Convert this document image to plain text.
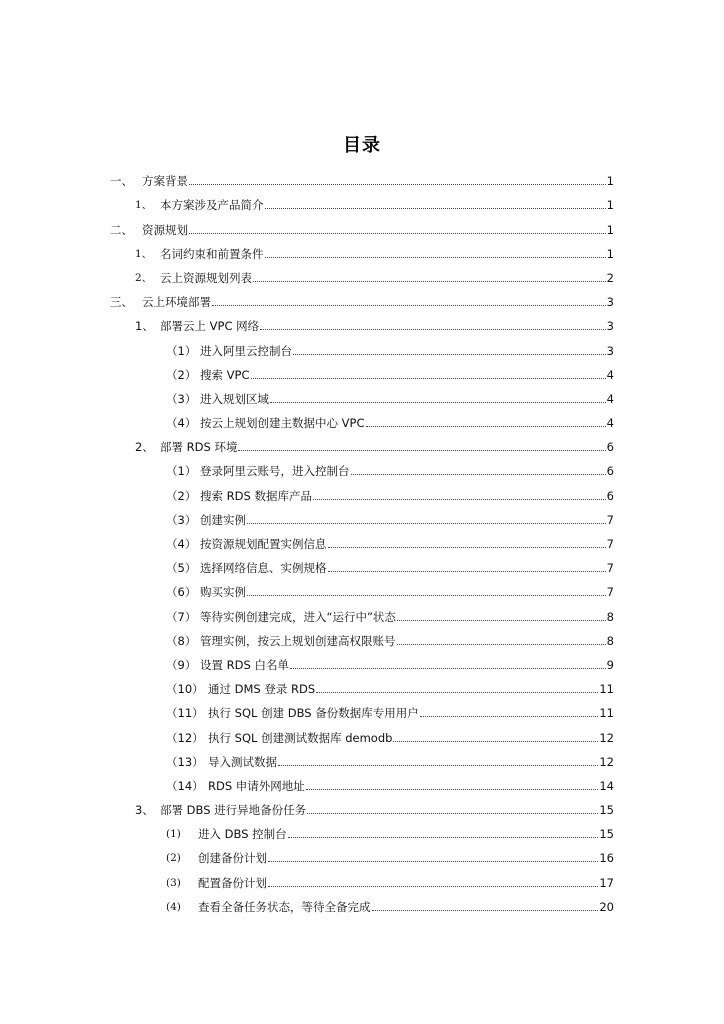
目录
一、 方案背景	1
1、 本方案涉及产品简介	1
二、 资源规划	1
1、 名词约束和前置条件	1
2、 云上资源规划列表	2
三、 云上环境部署	3
1、 部署云上 VPC 网络	3
（1） 进入阿里云控制台	3
（2） 搜索 VPC	4
（3） 进入规划区域	4
（4） 按云上规划创建主数据中心 VPC	4
2、 部署 RDS 环境	6
（1） 登录阿里云账号，进入控制台	6
（2） 搜索 RDS 数据库产品	6
（3） 创建实例	7
（4） 按资源规划配置实例信息	7
（5） 选择网络信息、实例规格	7
（6） 购买实例	7
（7） 等待实例创建完成，进入“运行中”状态	8
（8） 管理实例，按云上规划创建高权限账号	8
（9） 设置 RDS 白名单	9
（10） 通过 DMS 登录 RDS	11
（11） 执行 SQL 创建 DBS 备份数据库专用用户	11
（12） 执行 SQL 创建测试数据库 demodb	12
（13） 导入测试数据	12
（14） RDS 申请外网地址	14
3、 部署 DBS 进行异地备份任务	15
(1)	进入 DBS 控制台	15
(2)	创建备份计划	16
(3)	配置备份计划	17
(4)	查看全备任务状态，等待全备完成	20
